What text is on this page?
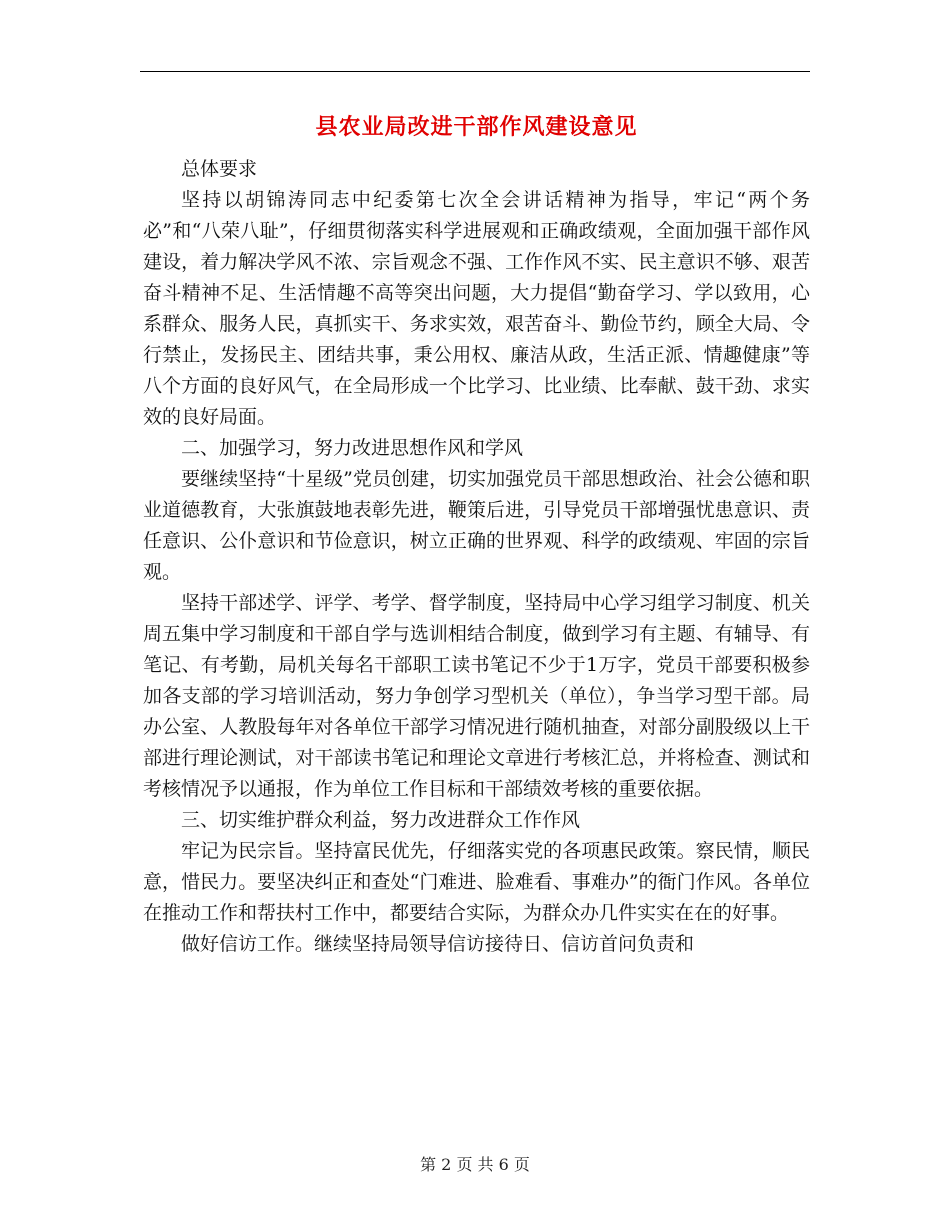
县农业局改进干部作风建设意见

总体要求

坚持以胡锦涛同志中纪委第七次全会讲话精神为指导，牢记“两个务必”和“八荣八耻”，仔细贯彻落实科学进展观和正确政绩观，全面加强干部作风建设，着力解决学风不浓、宗旨观念不强、工作作风不实、民主意识不够、艰苦奋斗精神不足、生活情趣不高等突出问题，大力提倡“勤奋学习、学以致用，心系群众、服务人民，真抓实干、务求实效，艰苦奋斗、勤俭节约，顾全大局、令行禁止，发扬民主、团结共事，秉公用权、廉洁从政，生活正派、情趣健康”等八个方面的良好风气，在全局形成一个比学习、比业绩、比奉献、鼓干劲、求实效的良好局面。

二、加强学习，努力改进思想作风和学风

要继续坚持“十星级”党员创建，切实加强党员干部思想政治、社会公德和职业道德教育，大张旗鼓地表彰先进，鞭策后进，引导党员干部增强忧患意识、责任意识、公仆意识和节俭意识，树立正确的世界观、科学的政绩观、牢固的宗旨观。

坚持干部述学、评学、考学、督学制度，坚持局中心学习组学习制度、机关周五集中学习制度和干部自学与选训相结合制度，做到学习有主题、有辅导、有笔记、有考勤，局机关每名干部职工读书笔记不少于1万字，党员干部要积极参加各支部的学习培训活动，努力争创学习型机关（单位），争当学习型干部。局办公室、人教股每年对各单位干部学习情况进行随机抽查，对部分副股级以上干部进行理论测试，对干部读书笔记和理论文章进行考核汇总，并将检查、测试和考核情况予以通报，作为单位工作目标和干部绩效考核的重要依据。

三、切实维护群众利益，努力改进群众工作作风

牢记为民宗旨。坚持富民优先，仔细落实党的各项惠民政策。察民情，顺民意，惜民力。要坚决纠正和查处“门难进、脸难看、事难办”的衙门作风。各单位在推动工作和帮扶村工作中，都要结合实际，为群众办几件实实在在的好事。

做好信访工作。继续坚持局领导信访接待日、信访首问负责和

第 2 页 共 6 页
